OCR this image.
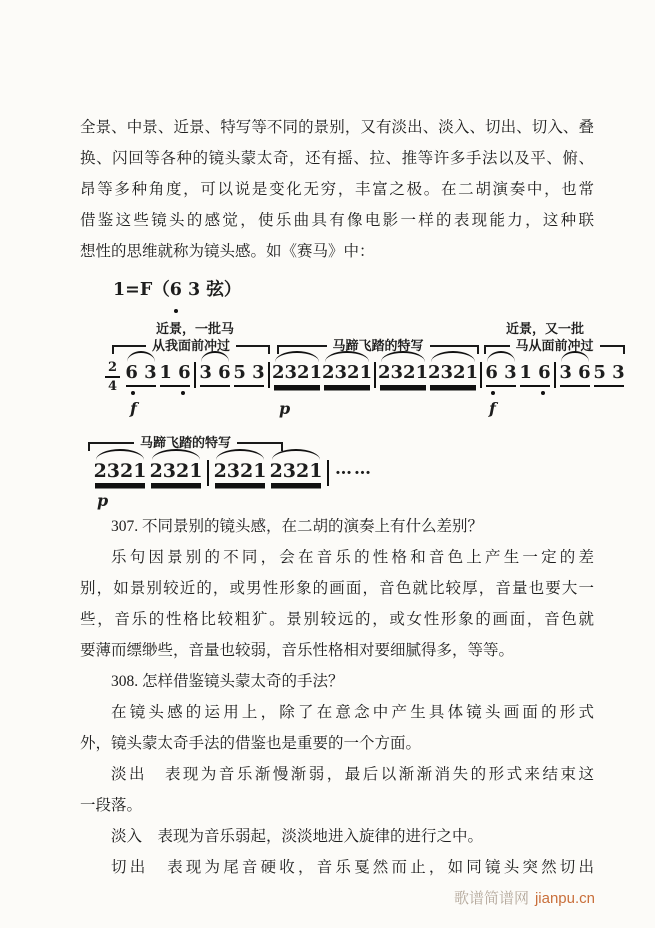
全景、中景、近景、特写等不同的景别，又有淡出、淡入、切出、切入、叠
换、闪回等各种的镜头蒙太奇，还有摇、拉、推等许多手法以及平、俯、
昂等多种角度，可以说是变化无穷，丰富之极。在二胡演奏中，也常
借鉴这些镜头的感觉，使乐曲具有像电影一样的表现能力，这种联
想性的思维就称为镜头感。如《赛马》中：
1=F（6 3 弦）
近景，一批马	近景，又一批
从我面前冲过	马蹄飞踏的特写	马从面前冲过
$\frac{2}{4} 6$ 3 1 6 3 6 5 3 2321 2321 2321 2321 6 3 1 6 3 6 5 3
f	p	f
马蹄飞踏的特写
2321 2321 2321 2321 ……
p
307. 不同景别的镜头感，在二胡的演奏上有什么差别？
乐句因景别的不同，会在音乐的性格和音色上产生一定的差
别，如景别较近的，或男性形象的画面，音色就比较厚，音量也要大一
些，音乐的性格比较粗犷。景别较远的，或女性形象的画面，音色就
要薄而缥缈些，音量也较弱，音乐性格相对要细腻得多，等等。
308. 怎样借鉴镜头蒙太奇的手法？
在镜头感的运用上，除了在意念中产生具体镜头画面的形式
外，镜头蒙太奇手法的借鉴也是重要的一个方面。
淡出　表现为音乐渐慢渐弱，最后以渐渐消失的形式来结束这
一段落。
淡入　表现为音乐弱起，淡淡地进入旋律的进行之中。
切出　表现为尾音硬收，音乐戛然而止，如同镜头突然切出
歌谱简谱网 jianpu.cn
